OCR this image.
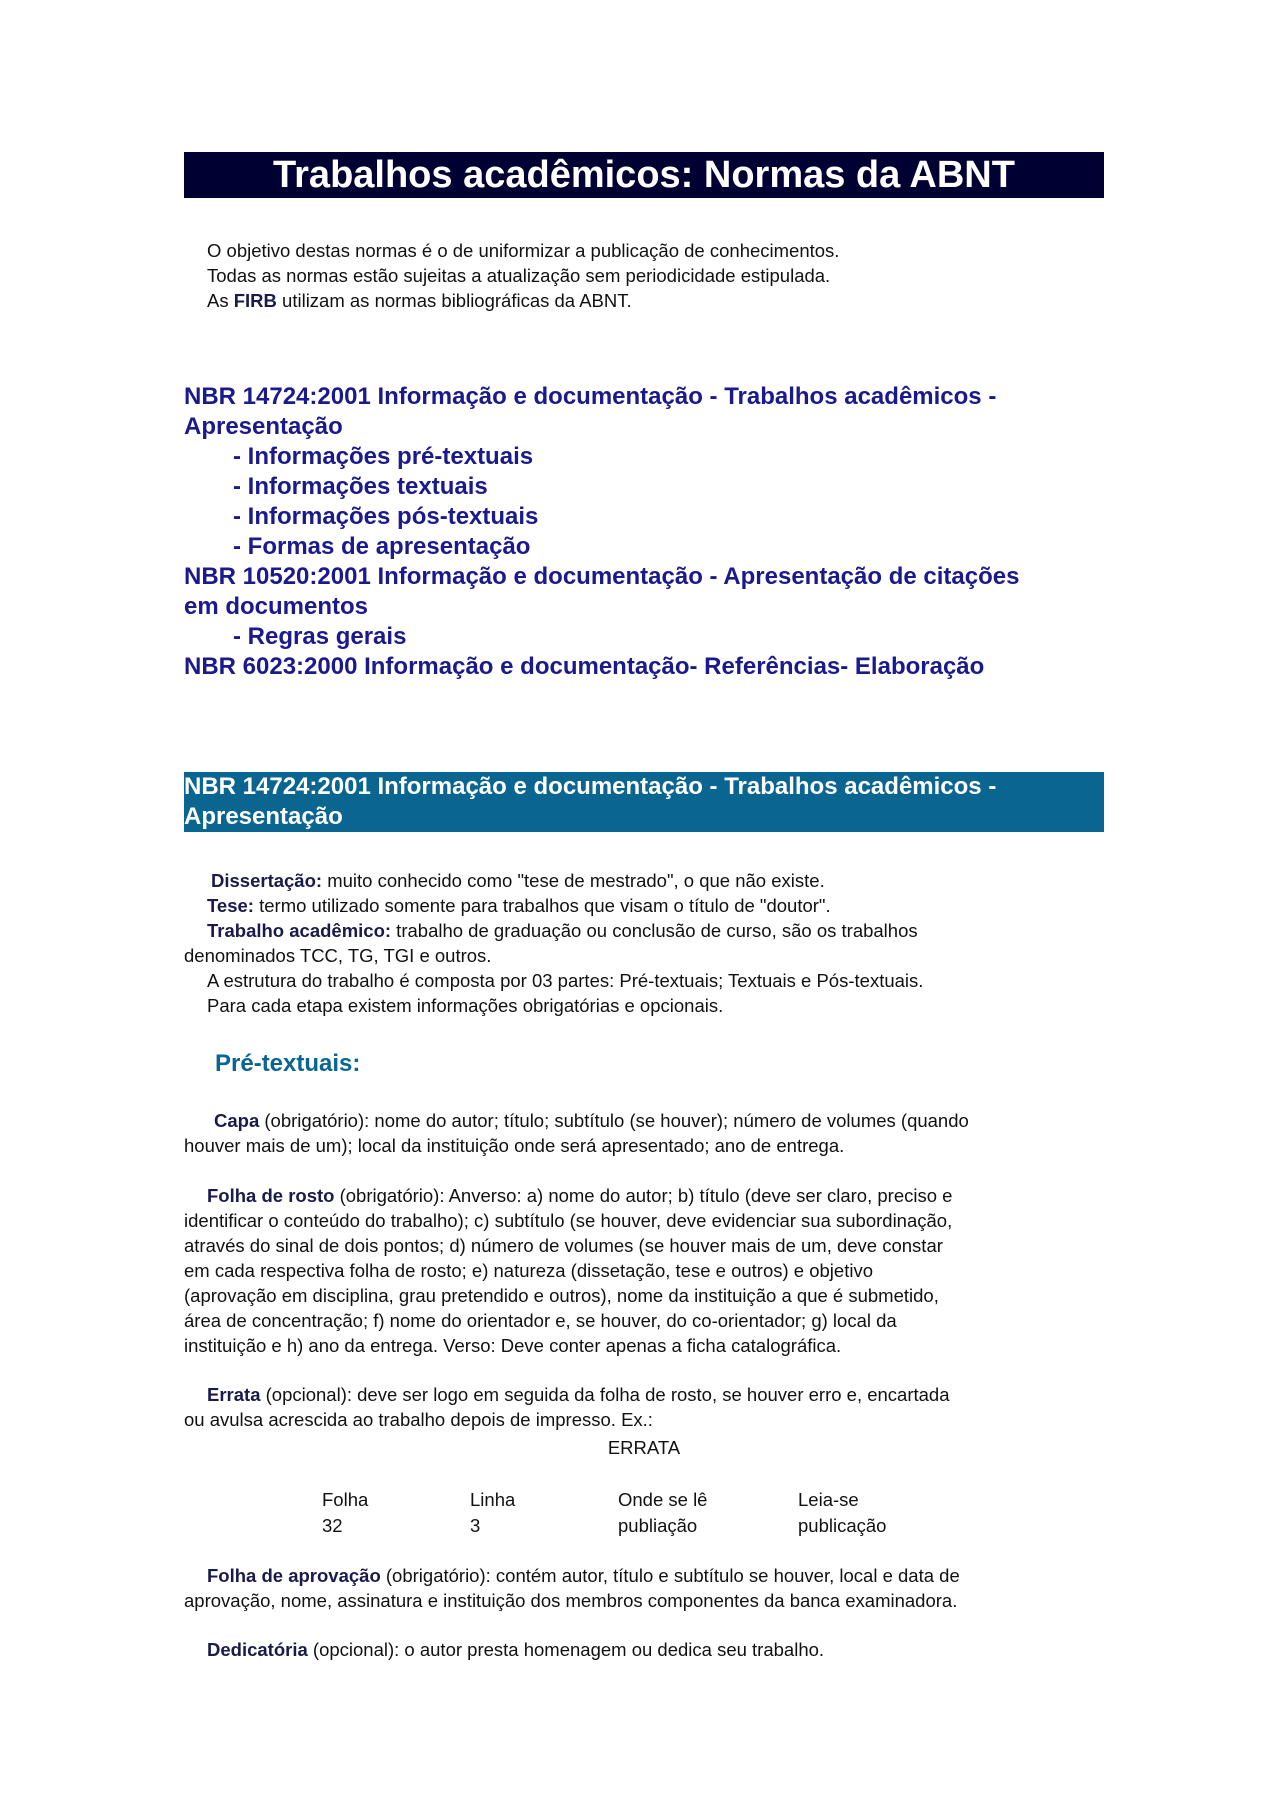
Trabalhos acadêmicos: Normas da ABNT

O objetivo destas normas é o de uniformizar a publicação de conhecimentos.

Todas as normas estão sujeitas a atualização sem periodicidade estipulada.

As FIRB utilizam as normas bibliográficas da ABNT.

NBR 14724:2001 Informação e documentação - Trabalhos acadêmicos -
Apresentação
- Informações pré-textuais
- Informações textuais
- Informações pós-textuais
- Formas de apresentação
NBR 10520:2001 Informação e documentação - Apresentação de citações
em documentos
- Regras gerais
NBR 6023:2000 Informação e documentação- Referências- Elaboração
NBR 14724:2001 Informação e documentação - Trabalhos acadêmicos -
Apresentação

Dissertação: muito conhecido como "tese de mestrado", o que não existe.

Tese: termo utilizado somente para trabalhos que visam o título de "doutor".

Trabalho acadêmico: trabalho de graduação ou conclusão de curso, são os trabalhos

denominados TCC, TG, TGI e outros.

A estrutura do trabalho é composta por 03 partes: Pré-textuais; Textuais e Pós-textuais.

Para cada etapa existem informações obrigatórias e opcionais.

Pré-textuais:

Capa (obrigatório): nome do autor; título; subtítulo (se houver); número de volumes (quando

houver mais de um); local da instituição onde será apresentado; ano de entrega.

Folha de rosto (obrigatório): Anverso: a) nome do autor; b) título (deve ser claro, preciso e

identificar o conteúdo do trabalho); c) subtítulo (se houver, deve evidenciar sua subordinação,

através do sinal de dois pontos; d) número de volumes (se houver mais de um, deve constar

em cada respectiva folha de rosto; e) natureza (dissetação, tese e outros) e objetivo

(aprovação em disciplina, grau pretendido e outros), nome da instituição a que é submetido,

área de concentração; f) nome do orientador e, se houver, do co-orientador; g) local da

instituição e h) ano da entrega. Verso: Deve conter apenas a ficha catalográfica.

Errata (opcional): deve ser logo em seguida da folha de rosto, se houver erro e, encartada

ou avulsa acrescida ao trabalho depois de impresso. Ex.:

ERRATA
Folha	Linha	Onde se lê	Leia-se
32	3	publiação	publicação

Folha de aprovação (obrigatório): contém autor, título e subtítulo se houver, local e data de

aprovação, nome, assinatura e instituição dos membros componentes da banca examinadora.

Dedicatória (opcional): o autor presta homenagem ou dedica seu trabalho.
